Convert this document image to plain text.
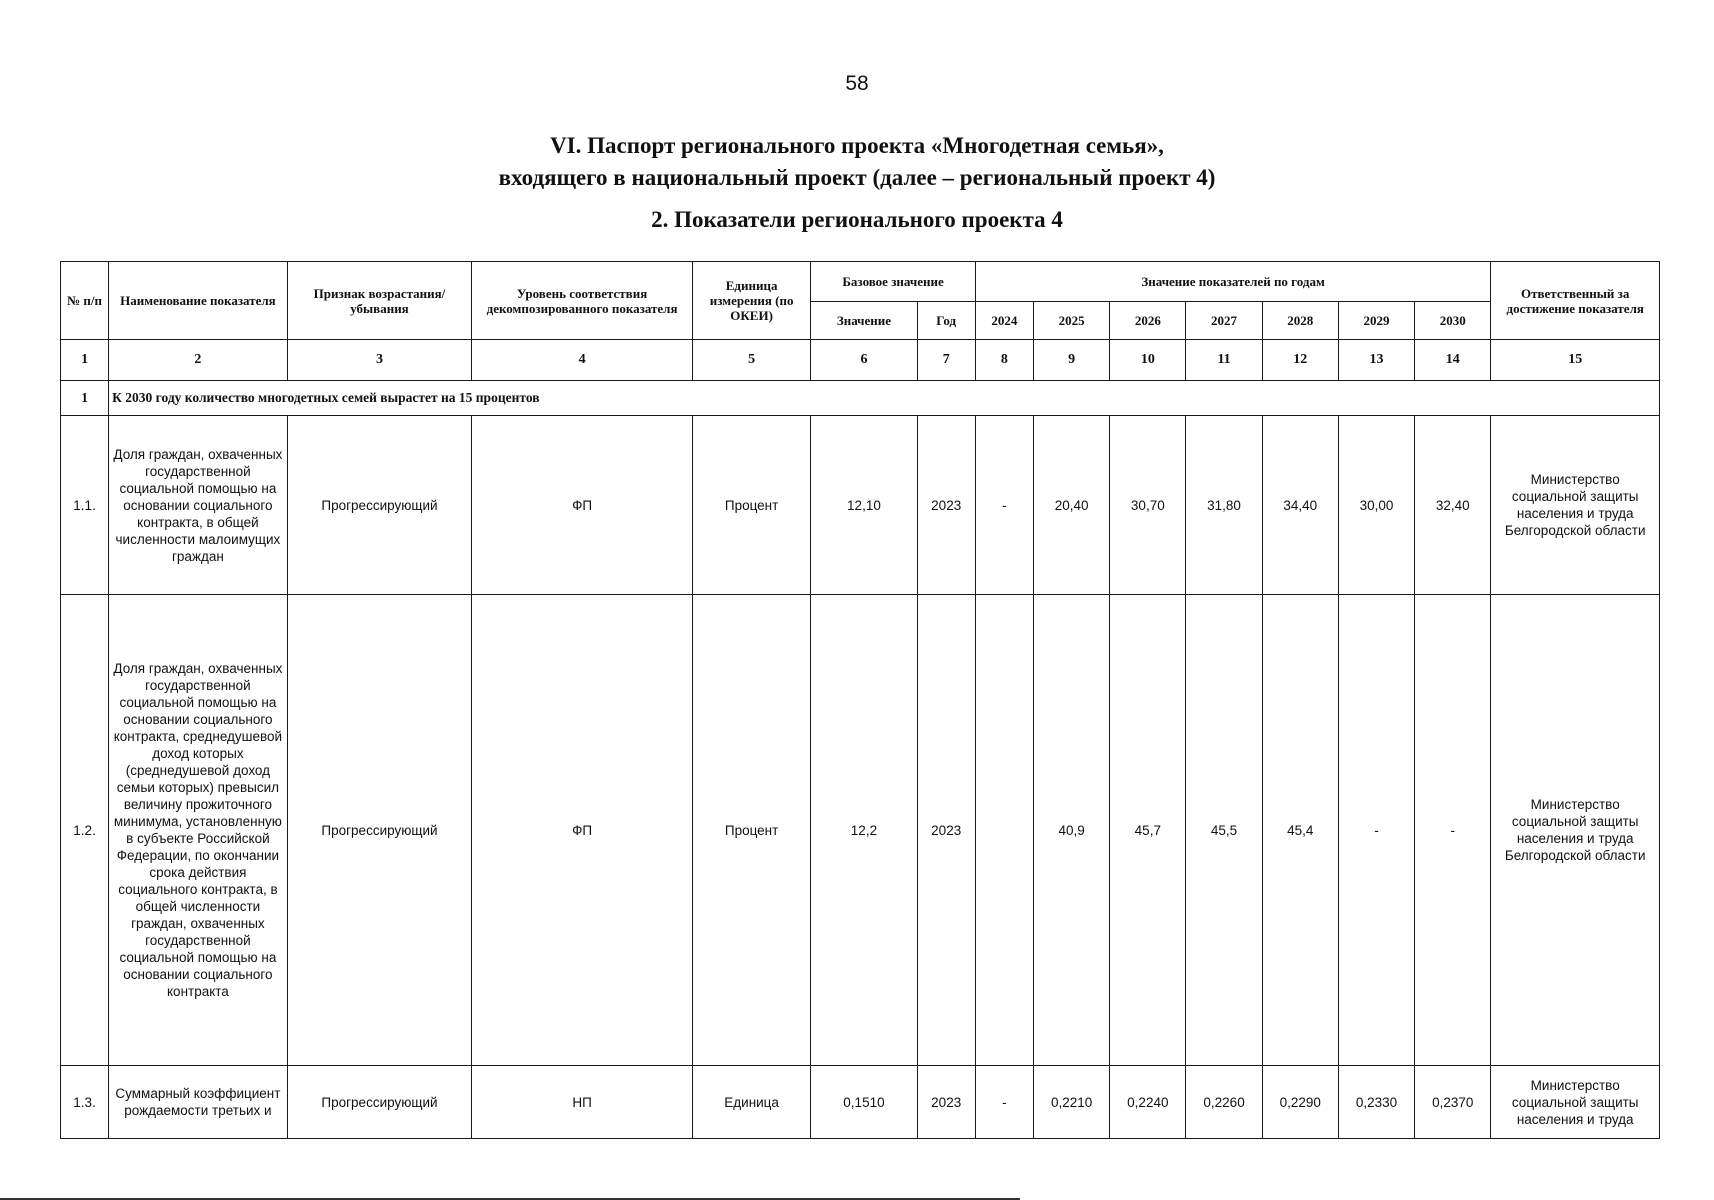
58
VI. Паспорт регионального проекта «Многодетная семья»,
входящего в национальный проект (далее – региональный проект 4)
2. Показатели регионального проекта 4
№ п/п	Наименование показателя	Признак возрастания/убывания	Уровень соответствия декомпозированного показателя	Единица измерения (по ОКЕИ)	Базовое значение		Значение показателей по годам							Ответственный за достижение показателя
					Значение	Год	2024	2025	2026	2027	2028	2029	2030	
1	2	3	4	5	6	7	8	9	10	11	12	13	14	15
1	К 2030 году количество многодетных семей вырастет на 15 процентов													
1.1.	Доля граждан, охваченных государственной социальной помощью на основании социального контракта, в общей численности малоимущих граждан	Прогрессирующий	ФП	Процент	12,10	2023	-	20,40	30,70	31,80	34,40	30,00	32,40	Министерство социальной защиты населения и труда Белгородской области
1.2.	Доля граждан, охваченных государственной социальной помощью на основании социального контракта, среднедушевой доход которых (среднедушевой доход семьи которых) превысил величину прожиточного минимума, установленную в субъекте Российской Федерации, по окончании срока действия социального контракта, в общей численности граждан, охваченных государственной социальной помощью на основании социального контракта	Прогрессирующий	ФП	Процент	12,2	2023		40,9	45,7	45,5	45,4	-	-	Министерство социальной защиты населения и труда Белгородской области
1.3.	Суммарный коэффициент рождаемости третьих и	Прогрессирующий	НП	Единица	0,1510	2023	-	0,2210	0,2240	0,2260	0,2290	0,2330	0,2370	Министерство социальной защиты населения и труда
